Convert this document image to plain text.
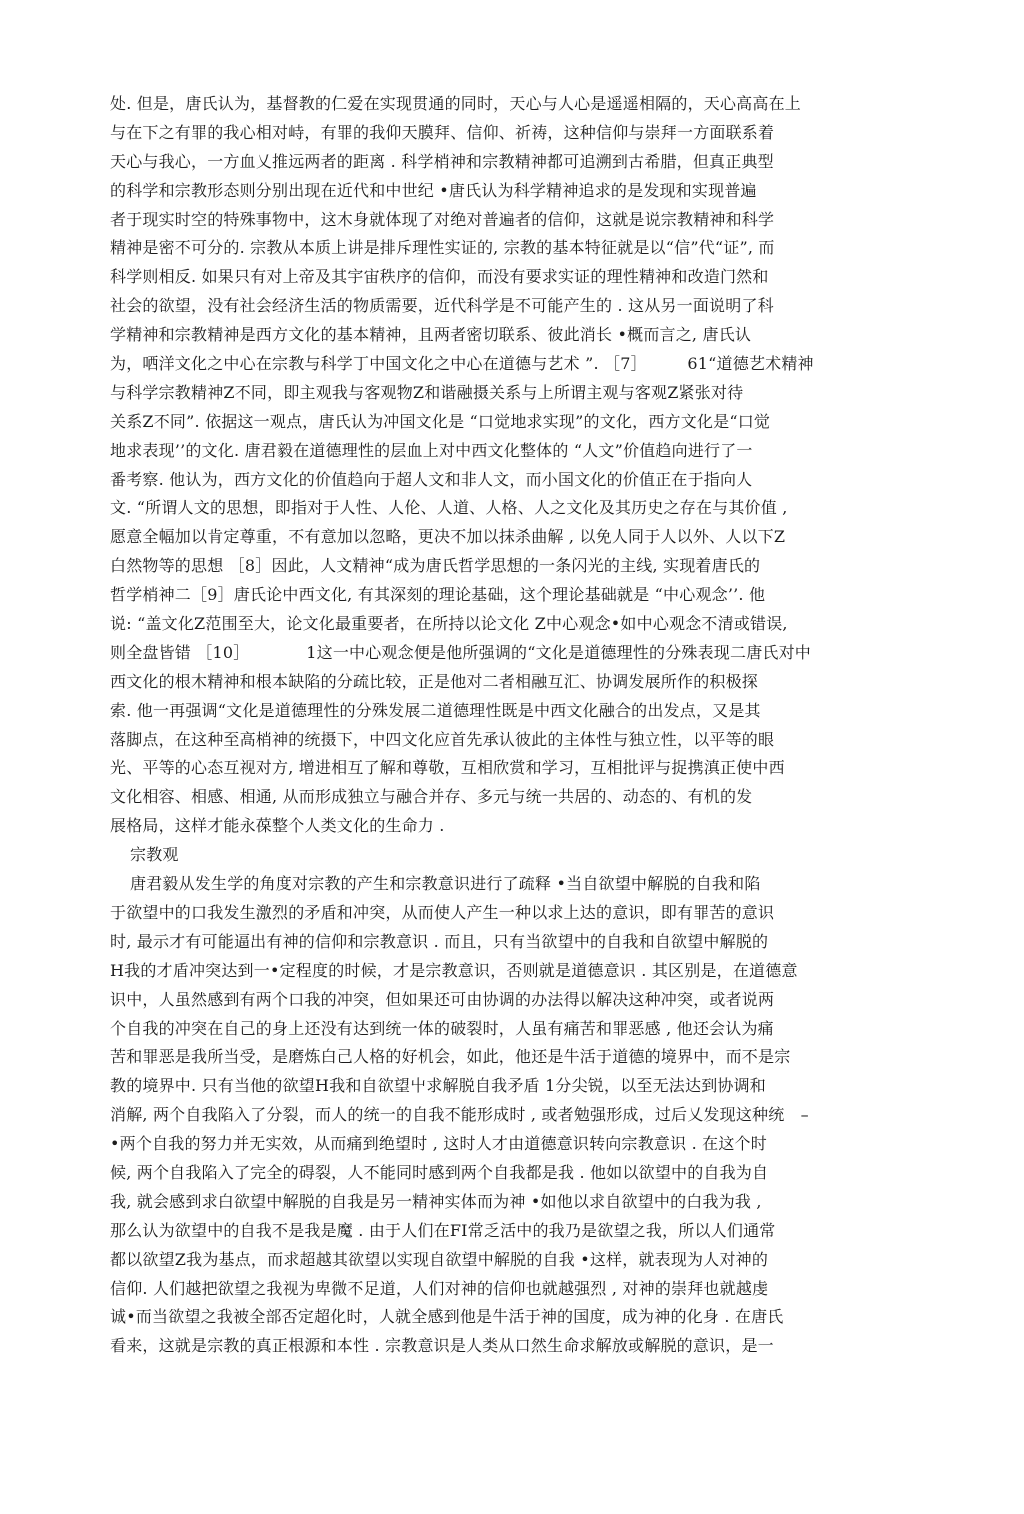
处. 但是，唐氏认为，基督教的仁爱在实现贯通的同时，天心与人心是遥遥相隔的，天心高高在上
与在下之有罪的我心相对峙，有罪的我仰天膜拜、信仰、祈祷，这种信仰与崇拜一方面联系着
天心与我心，一方血乂推远两者的距离 . 科学梢神和宗教精神都可追溯到古希腊，但真正典型
的科学和宗教形态则分别出现在近代和中世纪 •唐氏认为科学精神追求的是发现和实现普遍
者于现实时空的特殊事物中，这木身就体现了对绝对普遍者的信仰，这就是说宗教精神和科学
精神是密不可分的. 宗教从本质上讲是排斥理性实证的, 宗教的基本特征就是以“信”代“证”, 而
科学则相反. 如果只有对上帝及其宇宙秩序的信仰，而没有要求实证的理性精神和改造门然和
社会的欲望，没有社会经济生活的物质需要，近代科学是不可能产生的 . 这从另一面说明了科
学精神和宗教精神是西方文化的基本精神，且两者密切联系、彼此消长 •概而言之, 唐氏认
为，哂洋文化之中心在宗教与科学丁中国文化之中心在道德与艺术 ”. ［7］　　　61“道德艺术精神
与科学宗教精神Z不同，即主观我与客观物Z和谐融摄关系与上所谓主观与客观Z紧张对待
关系Z不同”. 依据这一观点，唐氏认为冲国文化是 “口觉地求实现”的文化，西方文化是“口觉
地求表现’’的文化. 唐君毅在道德理性的层血上对中西文化整体的 “人文”价值趋向进行了一
番考察. 他认为，西方文化的价值趋向于超人文和非人文，而小国文化的价值正在于指向人
文. “所谓人文的思想，即指对于人性、人伦、人道、人格、人之文化及其历史之存在与其价值 ,
愿意全幅加以肯定尊重，不有意加以忽略，更决不加以抹杀曲解 , 以免人同于人以外、人以下Z
白然物等的思想 ［8］因此，人文精神“成为唐氏哲学思想的一条闪光的主线, 实现着唐氏的
哲学梢神二［9］唐氏论中西文化, 有其深刻的理论基础，这个理论基础就是 “中心观念’’. 他
说: “盖文化Z范围至大，论文化最重要者，在所持以论文化 Z中心观念•如中心观念不清或错误,
则全盘皆错 ［10］　　　　1这一中心观念便是他所强调的“文化是道德理性的分殊表现二唐氏对中
西文化的根木精神和根本缺陷的分疏比较，正是他对二者相融互汇、协调发展所作的积极探
索. 他一再强调“文化是道德理性的分殊发展二道德理性既是中西文化融合的出发点，又是其
落脚点，在这种至高梢神的统摄下，中四文化应首先承认彼此的主体性与独立性，以平等的眼
光、平等的心态互视对方, 增进相互了解和尊敬，互相欣赏和学习，互相批评与捉携滇正使中西
文化相容、相感、相通, 从而形成独立与融合并存、多元与统一共居的、动态的、有机的发
展格局，这样才能永葆整个人类文化的生命力 .
宗教观
唐君毅从发生学的角度对宗教的产生和宗教意识进行了疏释 •当自欲望中解脱的自我和陷
于欲望中的口我发生激烈的矛盾和冲突，从而使人产生一种以求上达的意识，即有罪苦的意识
时, 最示才有可能逼出有神的信仰和宗教意识 . 而且，只有当欲望中的自我和自欲望中解脱的
H我的才盾冲突达到一•定程度的时候，才是宗教意识，否则就是道德意识 . 其区别是，在道德意
识中，人虽然感到有两个口我的冲突，但如果还可由协调的办法得以解决这种冲突，或者说两
个自我的冲突在自己的身上还没有达到统一体的破裂时，人虽有痛苦和罪恶感 , 他还会认为痛
苦和罪恶是我所当受，是磨炼白己人格的好机会，如此，他还是牛活于道德的境界中，而不是宗
教的境界中. 只有当他的欲望H我和自欲望屮求解脱自我矛盾 1分尖锐，以至无法达到协调和
消解, 两个自我陷入了分裂，而人的统一的自我不能形成时 , 或者勉强形成，过后乂发现这种统　–
•两个自我的努力并无实效，从而痛到绝望时 , 这时人才由道德意识转向宗教意识 . 在这个时
候, 两个自我陷入了完全的碍裂，人不能同时感到两个自我都是我 . 他如以欲望中的自我为自
我, 就会感到求白欲望中解脱的自我是另一精神实体而为神 •如他以求自欲望中的白我为我 ,
那么认为欲望中的自我不是我是魔 . 由于人们在FI常乏活中的我乃是欲望之我，所以人们通常
都以欲望Z我为基点，而求超越其欲望以实现自欲望中解脱的自我 •这样，就表现为人对神的
信仰. 人们越把欲望之我视为卑微不足道，人们对神的信仰也就越强烈 , 对神的崇拜也就越虔
诚•而当欲望之我被全部否定超化时，人就全感到他是牛活于神的国度，成为神的化身 . 在唐氏
看来，这就是宗教的真正根源和本性 . 宗教意识是人类从口然生命求解放或解脱的意识，是一
